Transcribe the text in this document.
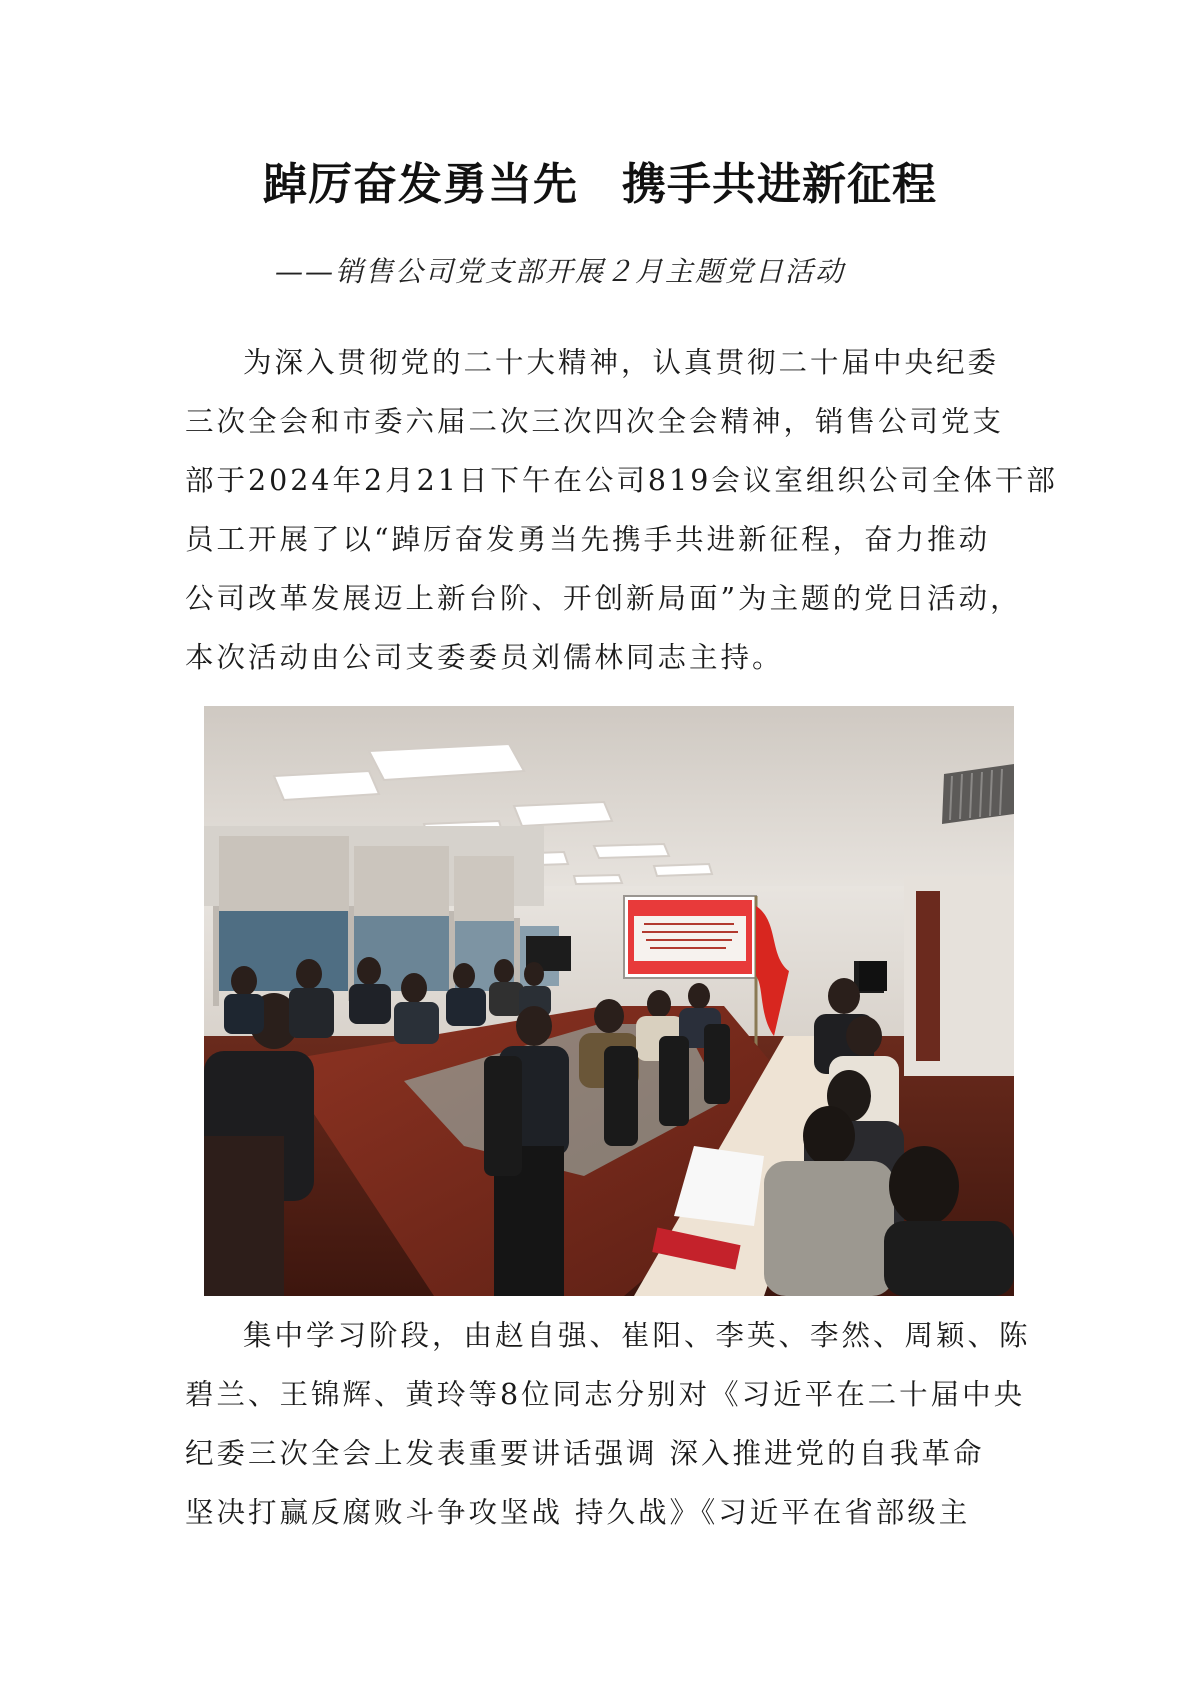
踔厉奋发勇当先 携手共进新征程
——销售公司党支部开展２月主题党日活动
为深入贯彻党的二十大精神，认真贯彻二十届中央纪委
三次全会和市委六届二次三次四次全会精神，销售公司党支
部于2024年2月21日下午在公司819会议室组织公司全体干部
员工开展了以“踔厉奋发勇当先携手共进新征程，奋力推动
公司改革发展迈上新台阶、开创新局面”为主题的党日活动，
本次活动由公司支委委员刘儒林同志主持。
集中学习阶段，由赵自强、崔阳、李英、李然、周颖、陈
碧兰、王锦辉、黄玲等8位同志分别对《习近平在二十届中央
纪委三次全会上发表重要讲话强调 深入推进党的自我革命
坚决打赢反腐败斗争攻坚战 持久战》《习近平在省部级主
